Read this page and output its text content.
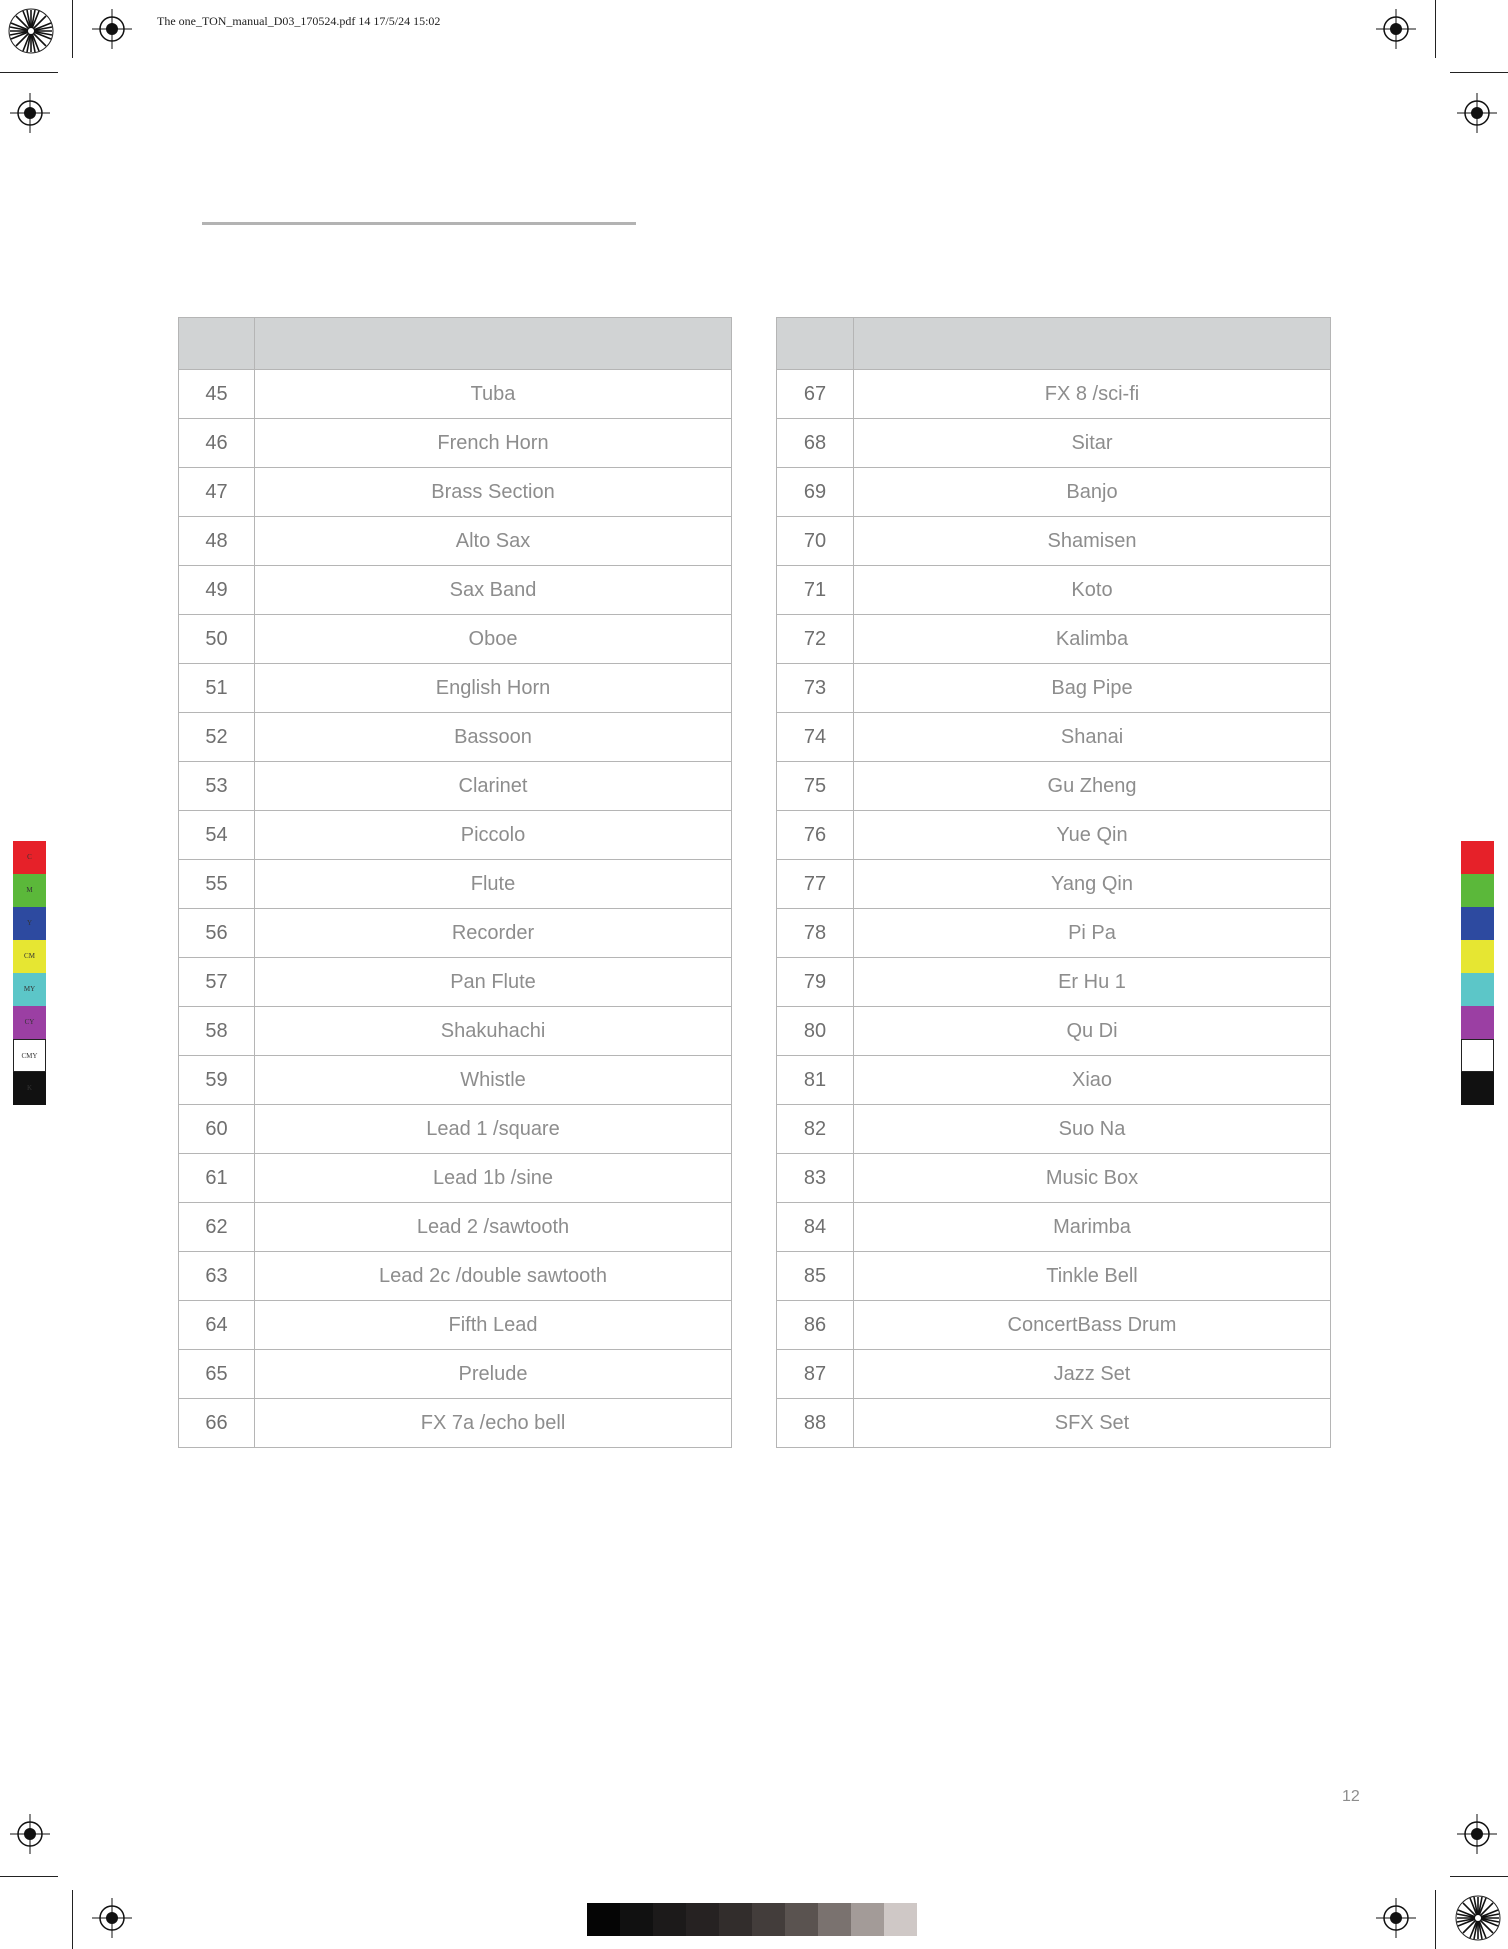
The one_TON_manual_D03_170524.pdf 14 17/5/24 15:02

45	Tuba
46	French Horn
47	Brass Section
48	Alto Sax
49	Sax Band
50	Oboe
51	English Horn
52	Bassoon
53	Clarinet
54	Piccolo
55	Flute
56	Recorder
57	Pan Flute
58	Shakuhachi
59	Whistle
60	Lead 1 /square
61	Lead 1b /sine
62	Lead 2 /sawtooth
63	Lead 2c /double sawtooth
64	Fifth Lead
65	Prelude
66	FX 7a /echo bell

67	FX 8 /sci-fi
68	Sitar
69	Banjo
70	Shamisen
71	Koto
72	Kalimba
73	Bag Pipe
74	Shanai
75	Gu Zheng
76	Yue Qin
77	Yang Qin
78	Pi Pa
79	Er Hu 1
80	Qu Di
81	Xiao
82	Suo Na
83	Music Box
84	Marimba
85	Tinkle Bell
86	ConcertBass Drum
87	Jazz Set
88	SFX Set
12
C
M
Y
CM
MY
CY
CMY
K
